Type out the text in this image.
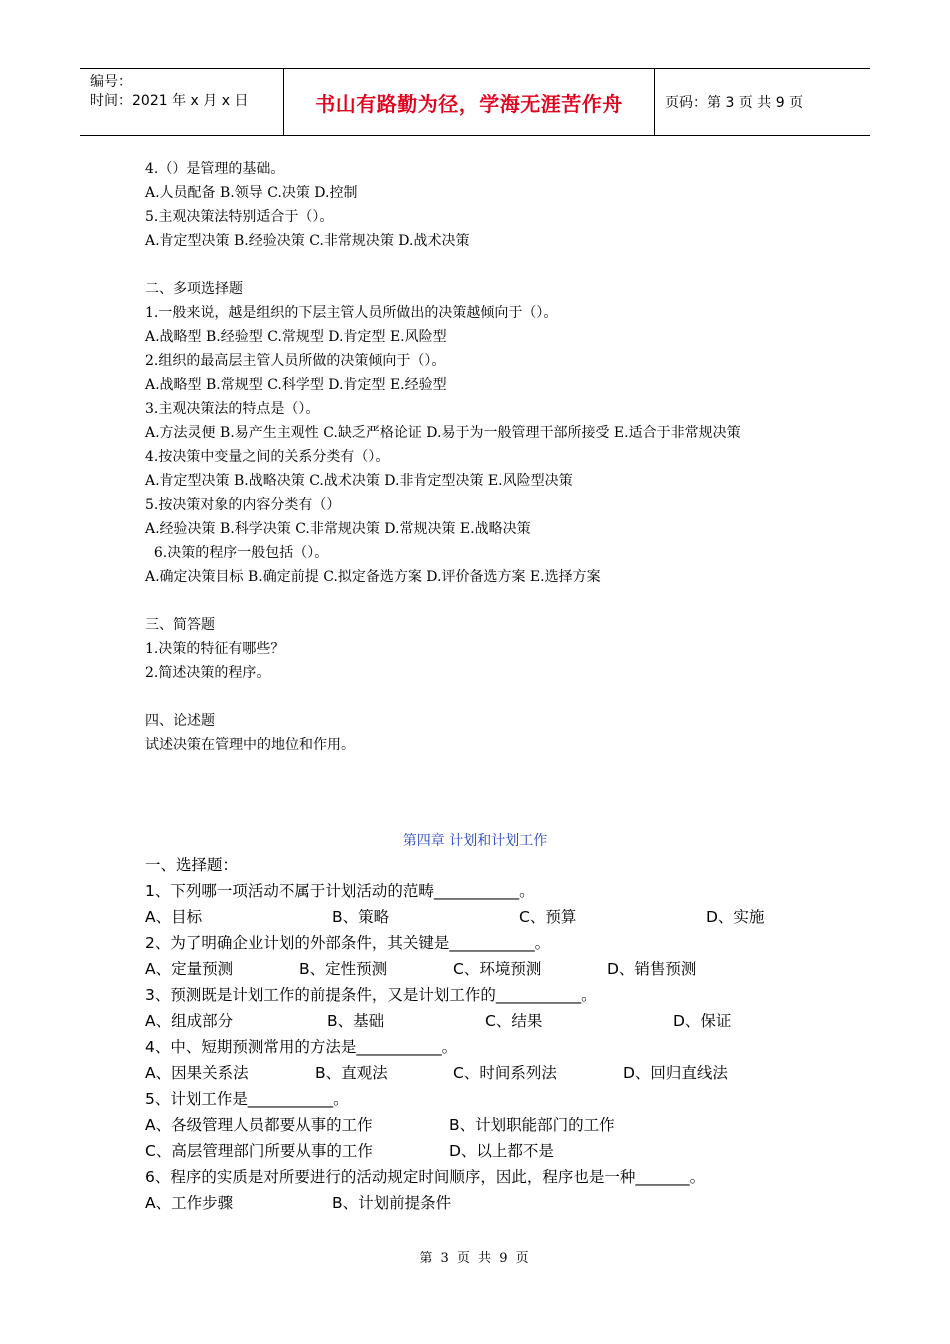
编号：
时间：2021 年 x 月 x 日	书山有路勤为径，学海无涯苦作舟	页码：第 3 页 共 9 页
4.（）是管理的基础。
A.人员配备 B.领导 C.决策 D.控制
5.主观决策法特别适合于（）。
A.肯定型决策 B.经验决策 C.非常规决策 D.战术决策
二、多项选择题
1.一般来说，越是组织的下层主管人员所做出的决策越倾向于（）。
A.战略型 B.经验型 C.常规型 D.肯定型 E.风险型
2.组织的最高层主管人员所做的决策倾向于（）。
A.战略型 B.常规型 C.科学型 D.肯定型 E.经验型
3.主观决策法的特点是（）。
A.方法灵便 B.易产生主观性 C.缺乏严格论证 D.易于为一般管理干部所接受 E.适合于非常规决策
4.按决策中变量之间的关系分类有（）。
A.肯定型决策 B.战略决策 C.战术决策 D.非肯定型决策 E.风险型决策
5.按决策对象的内容分类有（）
A.经验决策 B.科学决策 C.非常规决策 D.常规决策 E.战略决策
6.决策的程序一般包括（）。
A.确定决策目标 B.确定前提 C.拟定备选方案 D.评价备选方案 E.选择方案
三、简答题
1.决策的特征有哪些？
2.简述决策的程序。
四、论述题
试述决策在管理中的地位和作用。
第四章 计划和计划工作
一、选择题：
1、下列哪一项活动不属于计划活动的范畴___________。
A、目标	B、策略	C、预算	D、实施
2、为了明确企业计划的外部条件，其关键是___________。
A、定量预测	B、定性预测	C、环境预测	D、销售预测
3、预测既是计划工作的前提条件，又是计划工作的___________。
A、组成部分	B、基础	C、结果	D、保证
4、中、短期预测常用的方法是___________。
A、因果关系法	B、直观法	C、时间系列法	D、回归直线法
5、计划工作是___________。
A、各级管理人员都要从事的工作	B、计划职能部门的工作
C、高层管理部门所要从事的工作	D、以上都不是
6、程序的实质是对所要进行的活动规定时间顺序，因此，程序也是一种_______。
A、工作步骤	B、计划前提条件
第 3 页 共 9 页
